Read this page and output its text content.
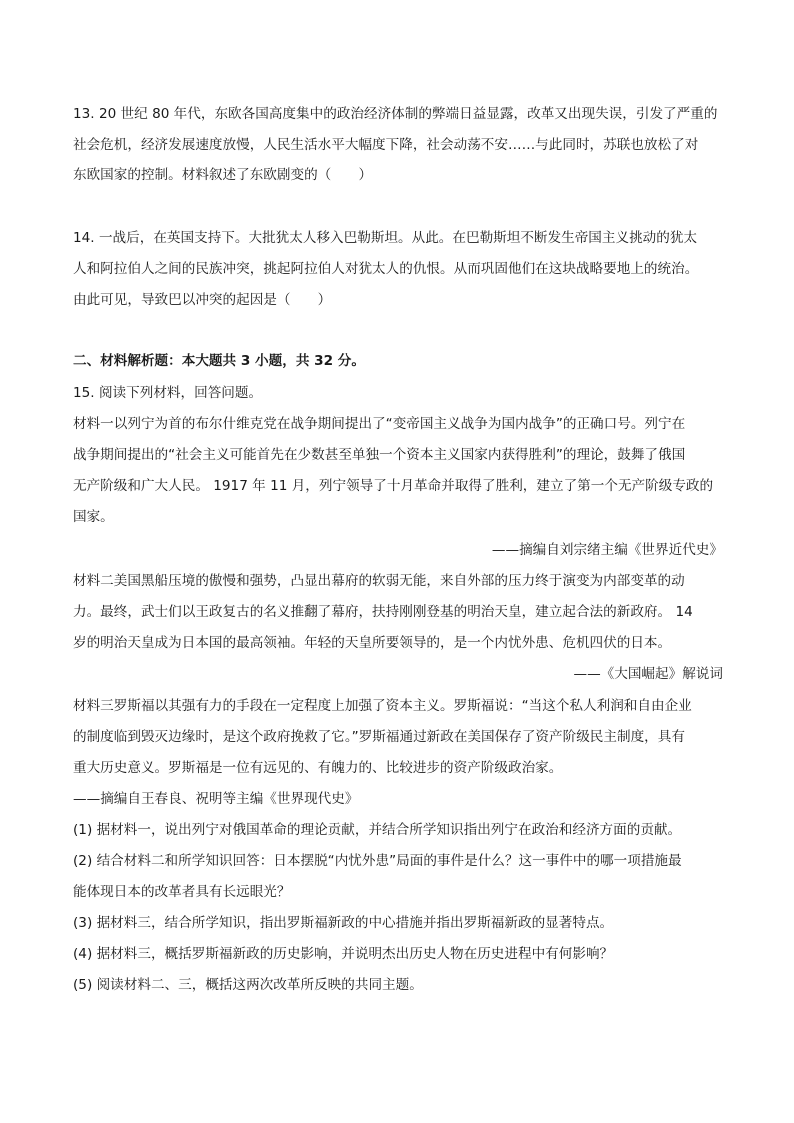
13. 20 世纪 80 年代，东欧各国高度集中的政治经济体制的弊端日益显露，改革又出现失误，引发了严重的
社会危机，经济发展速度放慢，人民生活水平大幅度下降，社会动荡不安……与此同时，苏联也放松了对
东欧国家的控制。材料叙述了东欧剧变的（　　）
14. 一战后，在英国支持下。大批犹太人移入巴勒斯坦。从此。在巴勒斯坦不断发生帝国主义挑动的犹太
人和阿拉伯人之间的民族冲突，挑起阿拉伯人对犹太人的仇恨。从而巩固他们在这块战略要地上的统治。
由此可见，导致巴以冲突的起因是（　　）
二、材料解析题：本大题共 3 小题，共 32 分。
15. 阅读下列材料，回答问题。
材料一以列宁为首的布尔什维克党在战争期间提出了“变帝国主义战争为国内战争”的正确口号。列宁在
战争期间提出的“社会主义可能首先在少数甚至单独一个资本主义国家内获得胜利”的理论，鼓舞了俄国
无产阶级和广大人民。 1917 年 11 月，列宁领导了十月革命并取得了胜利，建立了第一个无产阶级专政的
国家。
——摘编自刘宗绪主编《世界近代史》
材料二美国黑船压境的傲慢和强势，凸显出幕府的软弱无能，来自外部的压力终于演变为内部变革的动
力。最终，武士们以王政复古的名义推翻了幕府，扶持刚刚登基的明治天皇，建立起合法的新政府。 14
岁的明治天皇成为日本国的最高领袖。年轻的天皇所要领导的，是一个内忧外患、危机四伏的日本。
——《大国崛起》解说词
材料三罗斯福以其强有力的手段在一定程度上加强了资本主义。罗斯福说：“当这个私人利润和自由企业
的制度临到毁灭边缘时，是这个政府挽救了它。”罗斯福通过新政在美国保存了资产阶级民主制度，具有
重大历史意义。罗斯福是一位有远见的、有魄力的、比较进步的资产阶级政治家。
——摘编自王春良、祝明等主编《世界现代史》
(1) 据材料一，说出列宁对俄国革命的理论贡献，并结合所学知识指出列宁在政治和经济方面的贡献。
(2) 结合材料二和所学知识回答：日本摆脱“内忧外患”局面的事件是什么？这一事件中的哪一项措施最
能体现日本的改革者具有长远眼光？
(3) 据材料三，结合所学知识，指出罗斯福新政的中心措施并指出罗斯福新政的显著特点。
(4) 据材料三，概括罗斯福新政的历史影响，并说明杰出历史人物在历史进程中有何影响？
(5) 阅读材料二、三，概括这两次改革所反映的共同主题。
